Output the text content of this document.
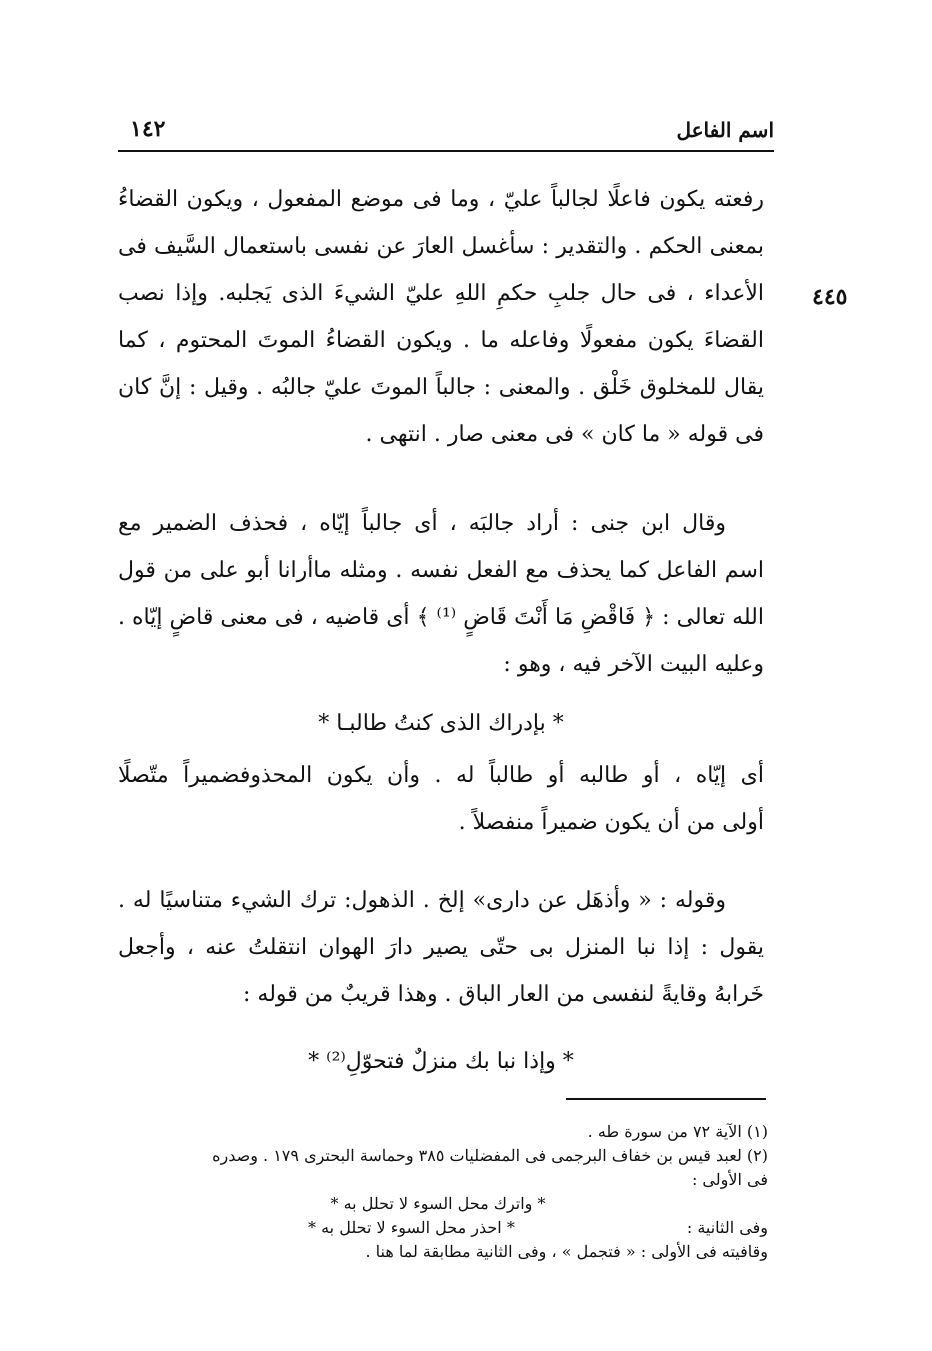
اسم الفاعل
١٤٢
٤٤٥
رفعته يكون فاعلًا لجالباً عليّ ، وما فى موضع المفعول ، ويكون القضاءُ
بمعنى الحكم . والتقدير : سأغسل العارَ عن نفسى باستعمال السَّيف فى
الأعداء ، فى حال جلبِ حكمِ اللهِ عليّ الشيءَ الذى يَجلبه. وإذا نصب
القضاءَ يكون مفعولًا وفاعله ما . ويكون القضاءُ الموتَ المحتوم ، كما
يقال للمخلوق خَلْق . والمعنى : جالباً الموتَ عليّ جالبُه . وقيل : إنَّ كان
فى قوله « ما كان » فى معنى صار . انتهى .
وقال ابن جنى : أراد جالبَه ، أى جالباً إيّاه ، فحذف الضمير مع
اسم الفاعل كما يحذف مع الفعل نفسه . ومثله ماأرانا أبو على من قول
الله تعالى : ﴿ فَاقْضِ مَا أَنْتَ قَاضٍ ⁽¹⁾ ﴾ أى قاضيه ، فى معنى قاضٍ إيّاه .
وعليه البيت الآخر فيه ، وهو :
* بإدراك الذى كنتُ طالبـا *
أى إيّاه ، أو طالبه أو طالباً له . وأن يكون المحذوفضميراً متّصلًا
أولى من أن يكون ضميراً منفصلاً .
وقوله : « وأذهَل عن دارى» إلخ . الذهول: ترك الشيء متناسيًا له .
يقول : إذا نبا المنزل بى حتّى يصير دارَ الهوان انتقلتُ عنه ، وأجعل
خَرابهُ وقايةً لنفسى من العار الباق . وهذا قريبٌ من قوله :
* وإذا نبا بك منزلٌ فتحوّلِ⁽²⁾ *
(١) الآية ٧٢ من سورة طه .
(٢) لعبد قيس بن خفاف البرجمى فى المفضليات ٣٨٥ وحماسة البحترى ١٧٩ . وصدره
فى الأولى :
* واترك محل السوء لا تحلل به *
وفى الثانية :
* احذر محل السوء لا تحلل به *
وقافيته فى الأولى : « فتجمل » ، وفى الثانية مطابقة لما هنا .
